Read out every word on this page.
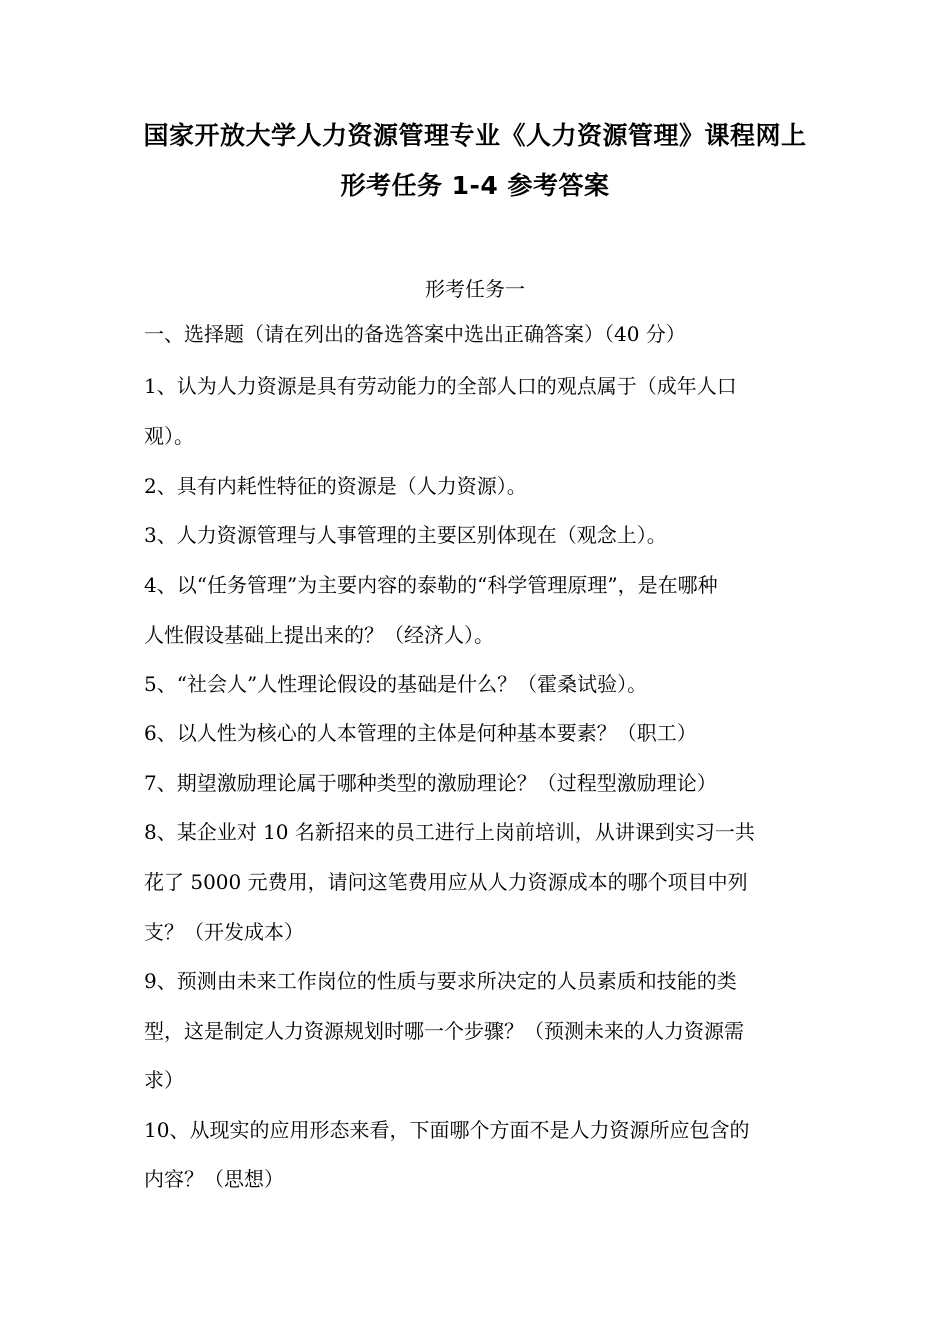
国家开放大学人力资源管理专业《人力资源管理》课程网上
形考任务 1-4 参考答案
形考任务一
一、选择题（请在列出的备选答案中选出正确答案）（40 分）
1、认为人力资源是具有劳动能力的全部人口的观点属于（成年人口
观）。
2、具有内耗性特征的资源是（人力资源）。
3、人力资源管理与人事管理的主要区别体现在（观念上）。
4、以“任务管理”为主要内容的泰勒的“科学管理原理”，是在哪种
人性假设基础上提出来的？（经济人）。
5、“社会人”人性理论假设的基础是什么？（霍桑试验）。
6、以人性为核心的人本管理的主体是何种基本要素？（职工）
7、期望激励理论属于哪种类型的激励理论？（过程型激励理论）
8、某企业对 10 名新招来的员工进行上岗前培训，从讲课到实习一共
花了 5000 元费用，请问这笔费用应从人力资源成本的哪个项目中列
支？（开发成本）
9、预测由未来工作岗位的性质与要求所决定的人员素质和技能的类
型，这是制定人力资源规划时哪一个步骤？（预测未来的人力资源需
求）
10、从现实的应用形态来看，下面哪个方面不是人力资源所应包含的
内容？（思想）
